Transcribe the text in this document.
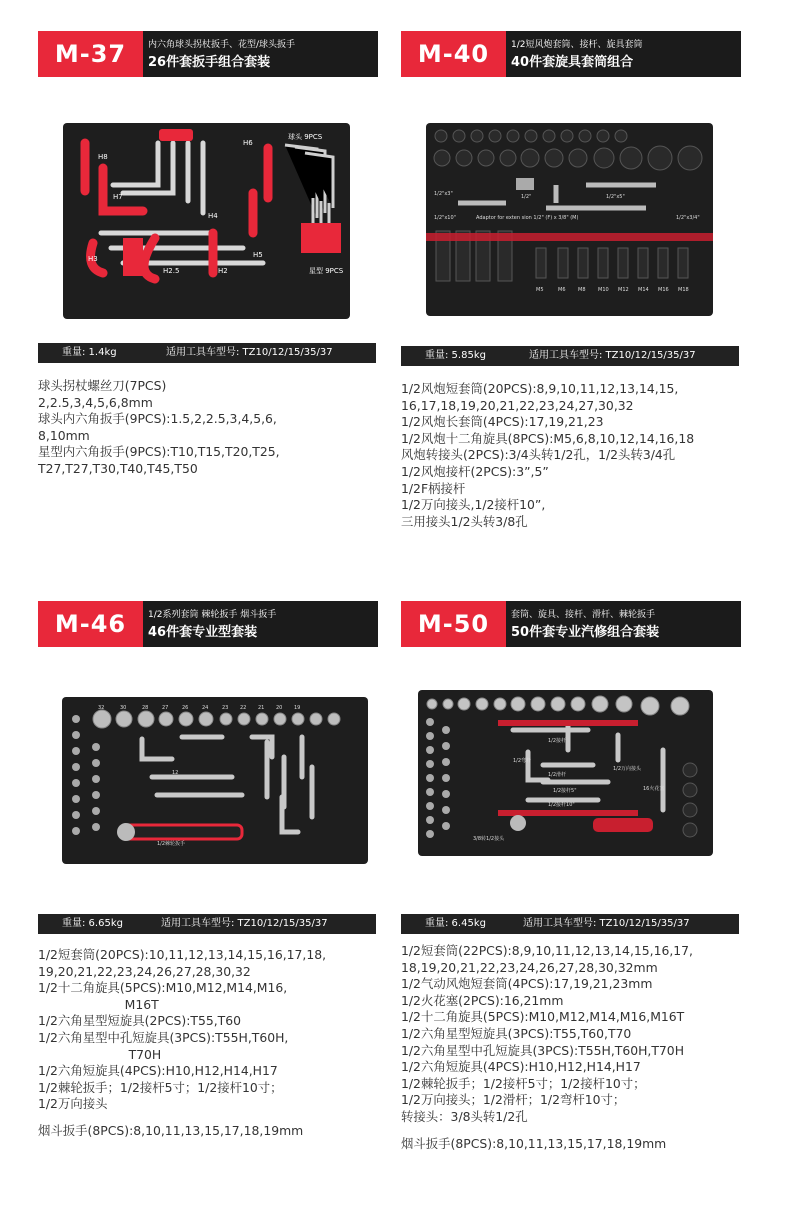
M-37	内六角球头拐杖扳手、花型/球头扳手
26件套扳手组合套装
球头 9PCS
H8
H7
H6
H5
H4
H3
H2.5	H2	星型 9PCS
重量: 1.4kg	适用工具车型号: TZ10/12/15/35/37
球头拐杖螺丝刀(7PCS)
2,2.5,3,4,5,6,8mm
球头内六角扳手(9PCS):1.5,2,2.5,3,4,5,6,
8,10mm
星型内六角扳手(9PCS):T10,T15,T20,T25,
T27,T27,T30,T40,T45,T50
M-40	1/2短风炮套筒、接杆、旋具套筒
40件套旋具套筒组合
1/2"x3"	1/2"	1/2"x5"
1/2"x10"	Adaptor for exten sion 1/2" (F) x 3/8" (M)	1/2"x3/4"
M5	M6	M8	M10 M12 M14 M16 M18
重量: 5.85kg	适用工具车型号: TZ10/12/15/35/37
1/2风炮短套筒(20PCS):8,9,10,11,12,13,14,15,
16,17,18,19,20,21,22,23,24,27,30,32
1/2风炮长套筒(4PCS):17,19,21,23
1/2风炮十二角旋具(8PCS):M5,6,8,10,12,14,16,18
风炮转接头(2PCS):3/4头转1/2孔，1/2头转3/4孔
1/2风炮接杆(2PCS):3”,5”
1/2F柄接杆
1/2万向接头,1/2接杆10”,
三用接头1/2头转3/8孔
M-46	1/2系列套筒 棘轮扳手 烟斗扳手
46件套专业型套装
32	30	28	27	26	24	23 22 21 20 19
1/2棘轮扳手
12
重量: 6.65kg	适用工具车型号: TZ10/12/15/35/37
1/2短套筒(20PCS):10,11,12,13,14,15,16,17,18,
19,20,21,22,23,24,26,27,28,30,32
1/2十二角旋具(5PCS):M10,M12,M14,M16,
M16T
1/2六角星型短旋具(2PCS):T55,T60
1/2六角星型中孔短旋具(3PCS):T55H,T60H,
T70H
1/2六角短旋具(4PCS):H10,H12,H14,H17
1/2棘轮扳手；1/2接杆5寸；1/2接杆10寸；
1/2万向接头
烟斗扳手(8PCS):8,10,11,13,15,17,18,19mm
M-50	套筒、旋具、接杆、滑杆、棘轮扳手
50件套专业汽修组合套装
1/2接杆
1/2滑杆
1/2弯杆
1/2接杆5"
1/2接杆10"
1/2万向接头
16火花塞
3/8转1/2接头
重量: 6.45kg	适用工具车型号: TZ10/12/15/35/37
1/2短套筒(22PCS):8,9,10,11,12,13,14,15,16,17,
18,19,20,21,22,23,24,26,27,28,30,32mm
1/2气动风炮短套筒(4PCS):17,19,21,23mm
1/2火花塞(2PCS):16,21mm
1/2十二角旋具(5PCS):M10,M12,M14,M16,M16T
1/2六角星型短旋具(3PCS):T55,T60,T70
1/2六角星型中孔短旋具(3PCS):T55H,T60H,T70H
1/2六角短旋具(4PCS):H10,H12,H14,H17
1/2棘轮扳手；1/2接杆5寸；1/2接杆10寸；
1/2万向接头；1/2滑杆；1/2弯杆10寸；
转接头：3/8头转1/2孔
烟斗扳手(8PCS):8,10,11,13,15,17,18,19mm
